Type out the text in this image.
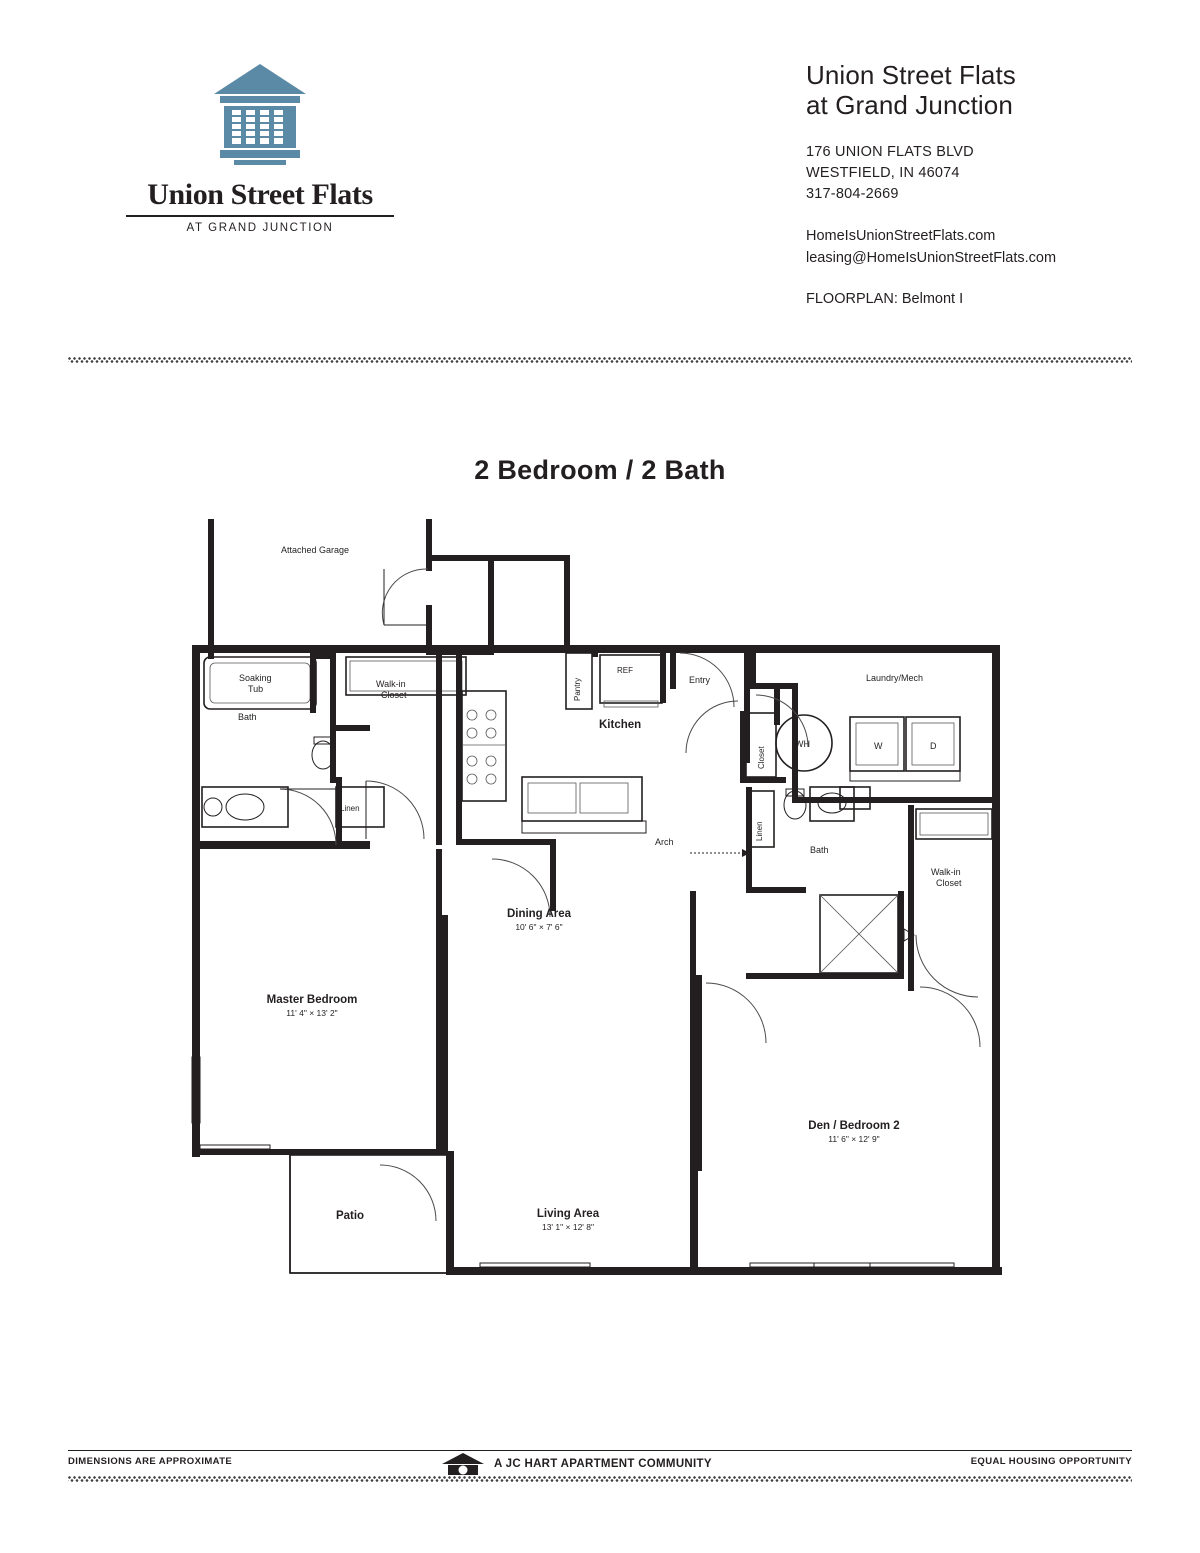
Union Street Flats
AT GRAND JUNCTION
Union Street Flats
at Grand Junction
176 UNION FLATS BLVD
WESTFIELD, IN 46074
317-804-2669
HomeIsUnionStreetFlats.com
leasing@HomeIsUnionStreetFlats.com
FLOORPLAN: Belmont I
2 Bedroom / 2 Bath
Attached Garage
Soaking
Tub
Bath
Walk-in
Closet
Linen
Pantry
REF
Kitchen
Entry	Laundry/Mech
W	D
WH
Closet
Linen
Bath
Walk-in
Closet
Arch
Dining Area
10' 6" × 7' 6"
Master Bedroom
11' 4" × 13' 2"
Living Area
13' 1" × 12' 8"
Den / Bedroom 2
11' 6" × 12' 9"
Patio
DIMENSIONS ARE APPROXIMATE	A JC HART APARTMENT COMMUNITY	EQUAL HOUSING OPPORTUNITY
